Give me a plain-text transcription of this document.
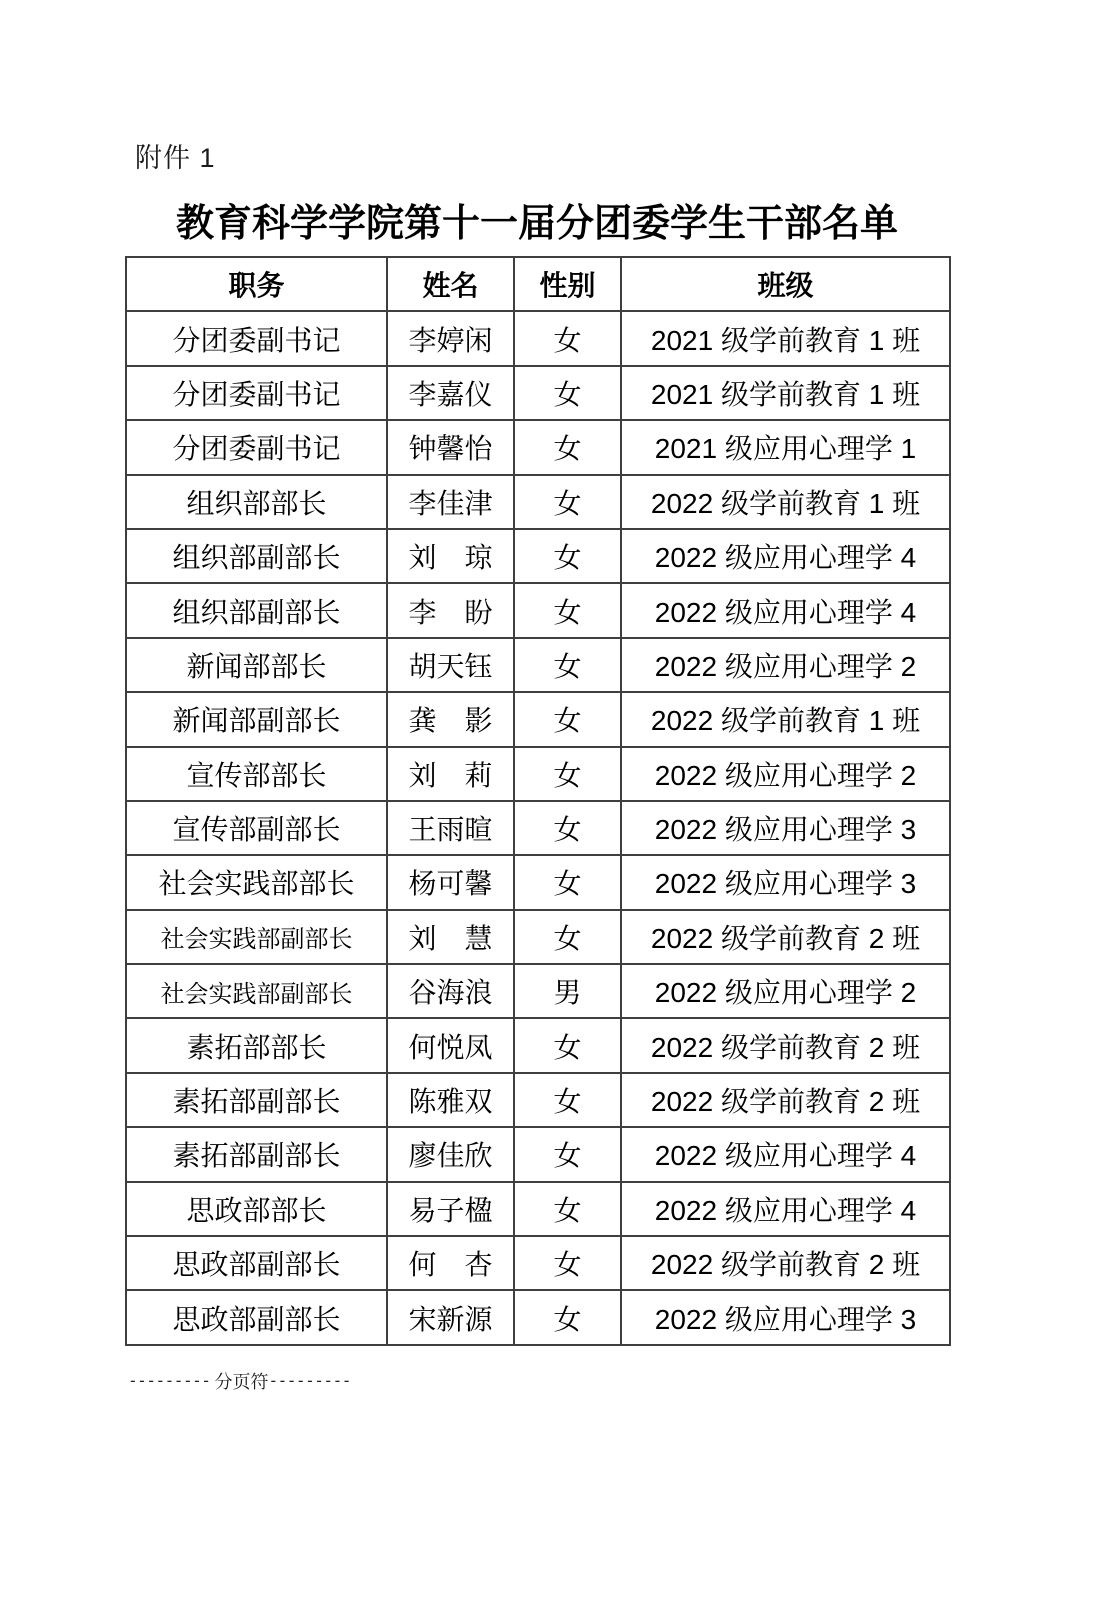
附件 1
教育科学学院第十一届分团委学生干部名单
职务	姓名	性别	班级
分团委副书记	李婷闲	女	2021 级学前教育 1 班
分团委副书记	李嘉仪	女	2021 级学前教育 1 班
分团委副书记	钟馨怡	女	2021 级应用心理学 1
组织部部长	李佳津	女	2022 级学前教育 1 班
组织部副部长	刘　琼	女	2022 级应用心理学 4
组织部副部长	李　盼	女	2022 级应用心理学 4
新闻部部长	胡天钰	女	2022 级应用心理学 2
新闻部副部长	龚　影	女	2022 级学前教育 1 班
宣传部部长	刘　莉	女	2022 级应用心理学 2
宣传部副部长	王雨暄	女	2022 级应用心理学 3
社会实践部部长	杨可馨	女	2022 级应用心理学 3
社会实践部副部长	刘　慧	女	2022 级学前教育 2 班
社会实践部副部长	谷海浪	男	2022 级应用心理学 2
素拓部部长	何悦凤	女	2022 级学前教育 2 班
素拓部副部长	陈雅双	女	2022 级学前教育 2 班
素拓部副部长	廖佳欣	女	2022 级应用心理学 4
思政部部长	易子楹	女	2022 级应用心理学 4
思政部副部长	何　杏	女	2022 级学前教育 2 班
思政部副部长	宋新源	女	2022 级应用心理学 3
--------- 分页符 ---------
